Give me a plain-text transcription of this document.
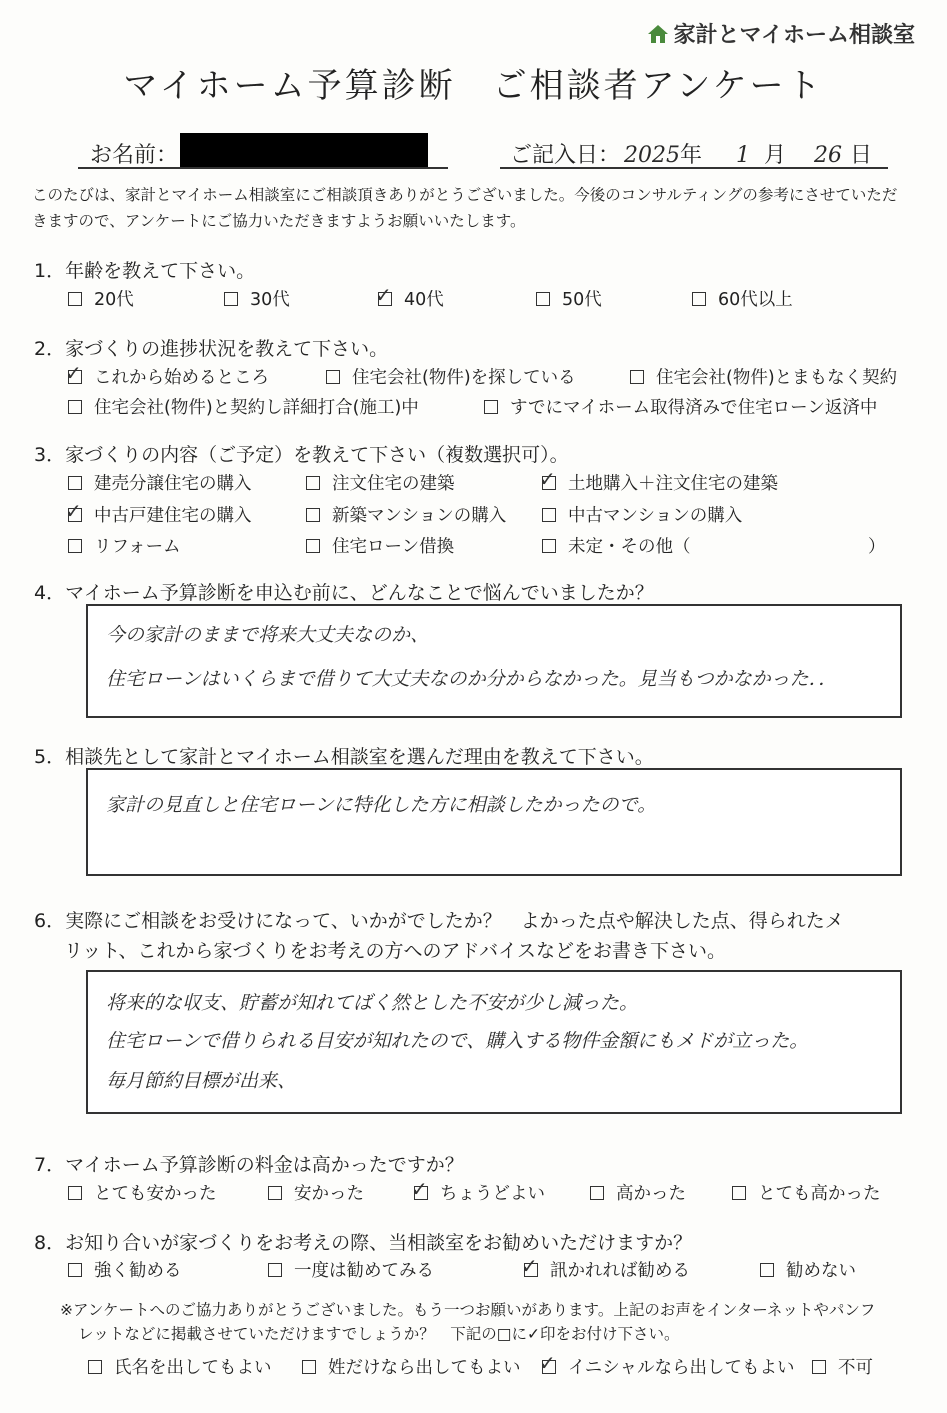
家計とマイホーム相談室
マイホーム予算診断　ご相談者アンケート
お名前：	ご記入日： 2025 年 1 月 26 日
このたびは、家計とマイホーム相談室にご相談頂きありがとうございました。今後のコンサルティングの参考にさせていただきますので、アンケートにご協力いただきますようお願いいたします。
1．年齢を教えて下さい。
20代	30代	✓ 40代	50代	60代以上
2．家づくりの進捗状況を教えて下さい。
✓ これから始めるところ	住宅会社(物件)を探している	住宅会社(物件)とまもなく契約
住宅会社(物件)と契約し詳細打合(施工)中	すでにマイホーム取得済みで住宅ローン返済中
3．家づくりの内容（ご予定）を教えて下さい（複数選択可）。
建売分譲住宅の購入	注文住宅の建築	✓ 土地購入＋注文住宅の建築
✓ 中古戸建住宅の購入	新築マンションの購入	中古マンションの購入
リフォーム	住宅ローン借換	未定・その他（	）
4．マイホーム予算診断を申込む前に、どんなことで悩んでいましたか？
今の家計のままで将来大丈夫なのか、
住宅ローンはいくらまで借りて大丈夫なのか分からなかった。見当もつかなかった．．
5．相談先として家計とマイホーム相談室を選んだ理由を教えて下さい。
家計の見直しと住宅ローンに特化した方に相談したかったので。
6．実際にご相談をお受けになって、いかがでしたか？　よかった点や解決した点、得られたメ
リット、これから家づくりをお考えの方へのアドバイスなどをお書き下さい。
将来的な収支、貯蓄が知れてばく然とした不安が少し減った。
住宅ローンで借りられる目安が知れたので、購入する物件金額にもメドが立った。
毎月節約目標が出来、
7．マイホーム予算診断の料金は高かったですか？
とても安かった	安かった ✓ ちょうどよい	高かった	とても高かった
8．お知り合いが家づくりをお考えの際、当相談室をお勧めいただけますか？
強く勧める	一度は勧めてみる	✓ 訊かれれば勧める	勧めない
※アンケートへのご協力ありがとうございました。もう一つお願いがあります。上記のお声をインターネットやパンフ
レットなどに掲載させていただけますでしょうか？　下記の□に✓印をお付け下さい。
氏名を出してもよい	姓だけなら出してもよい ✓ イニシャルなら出してもよい 不可
